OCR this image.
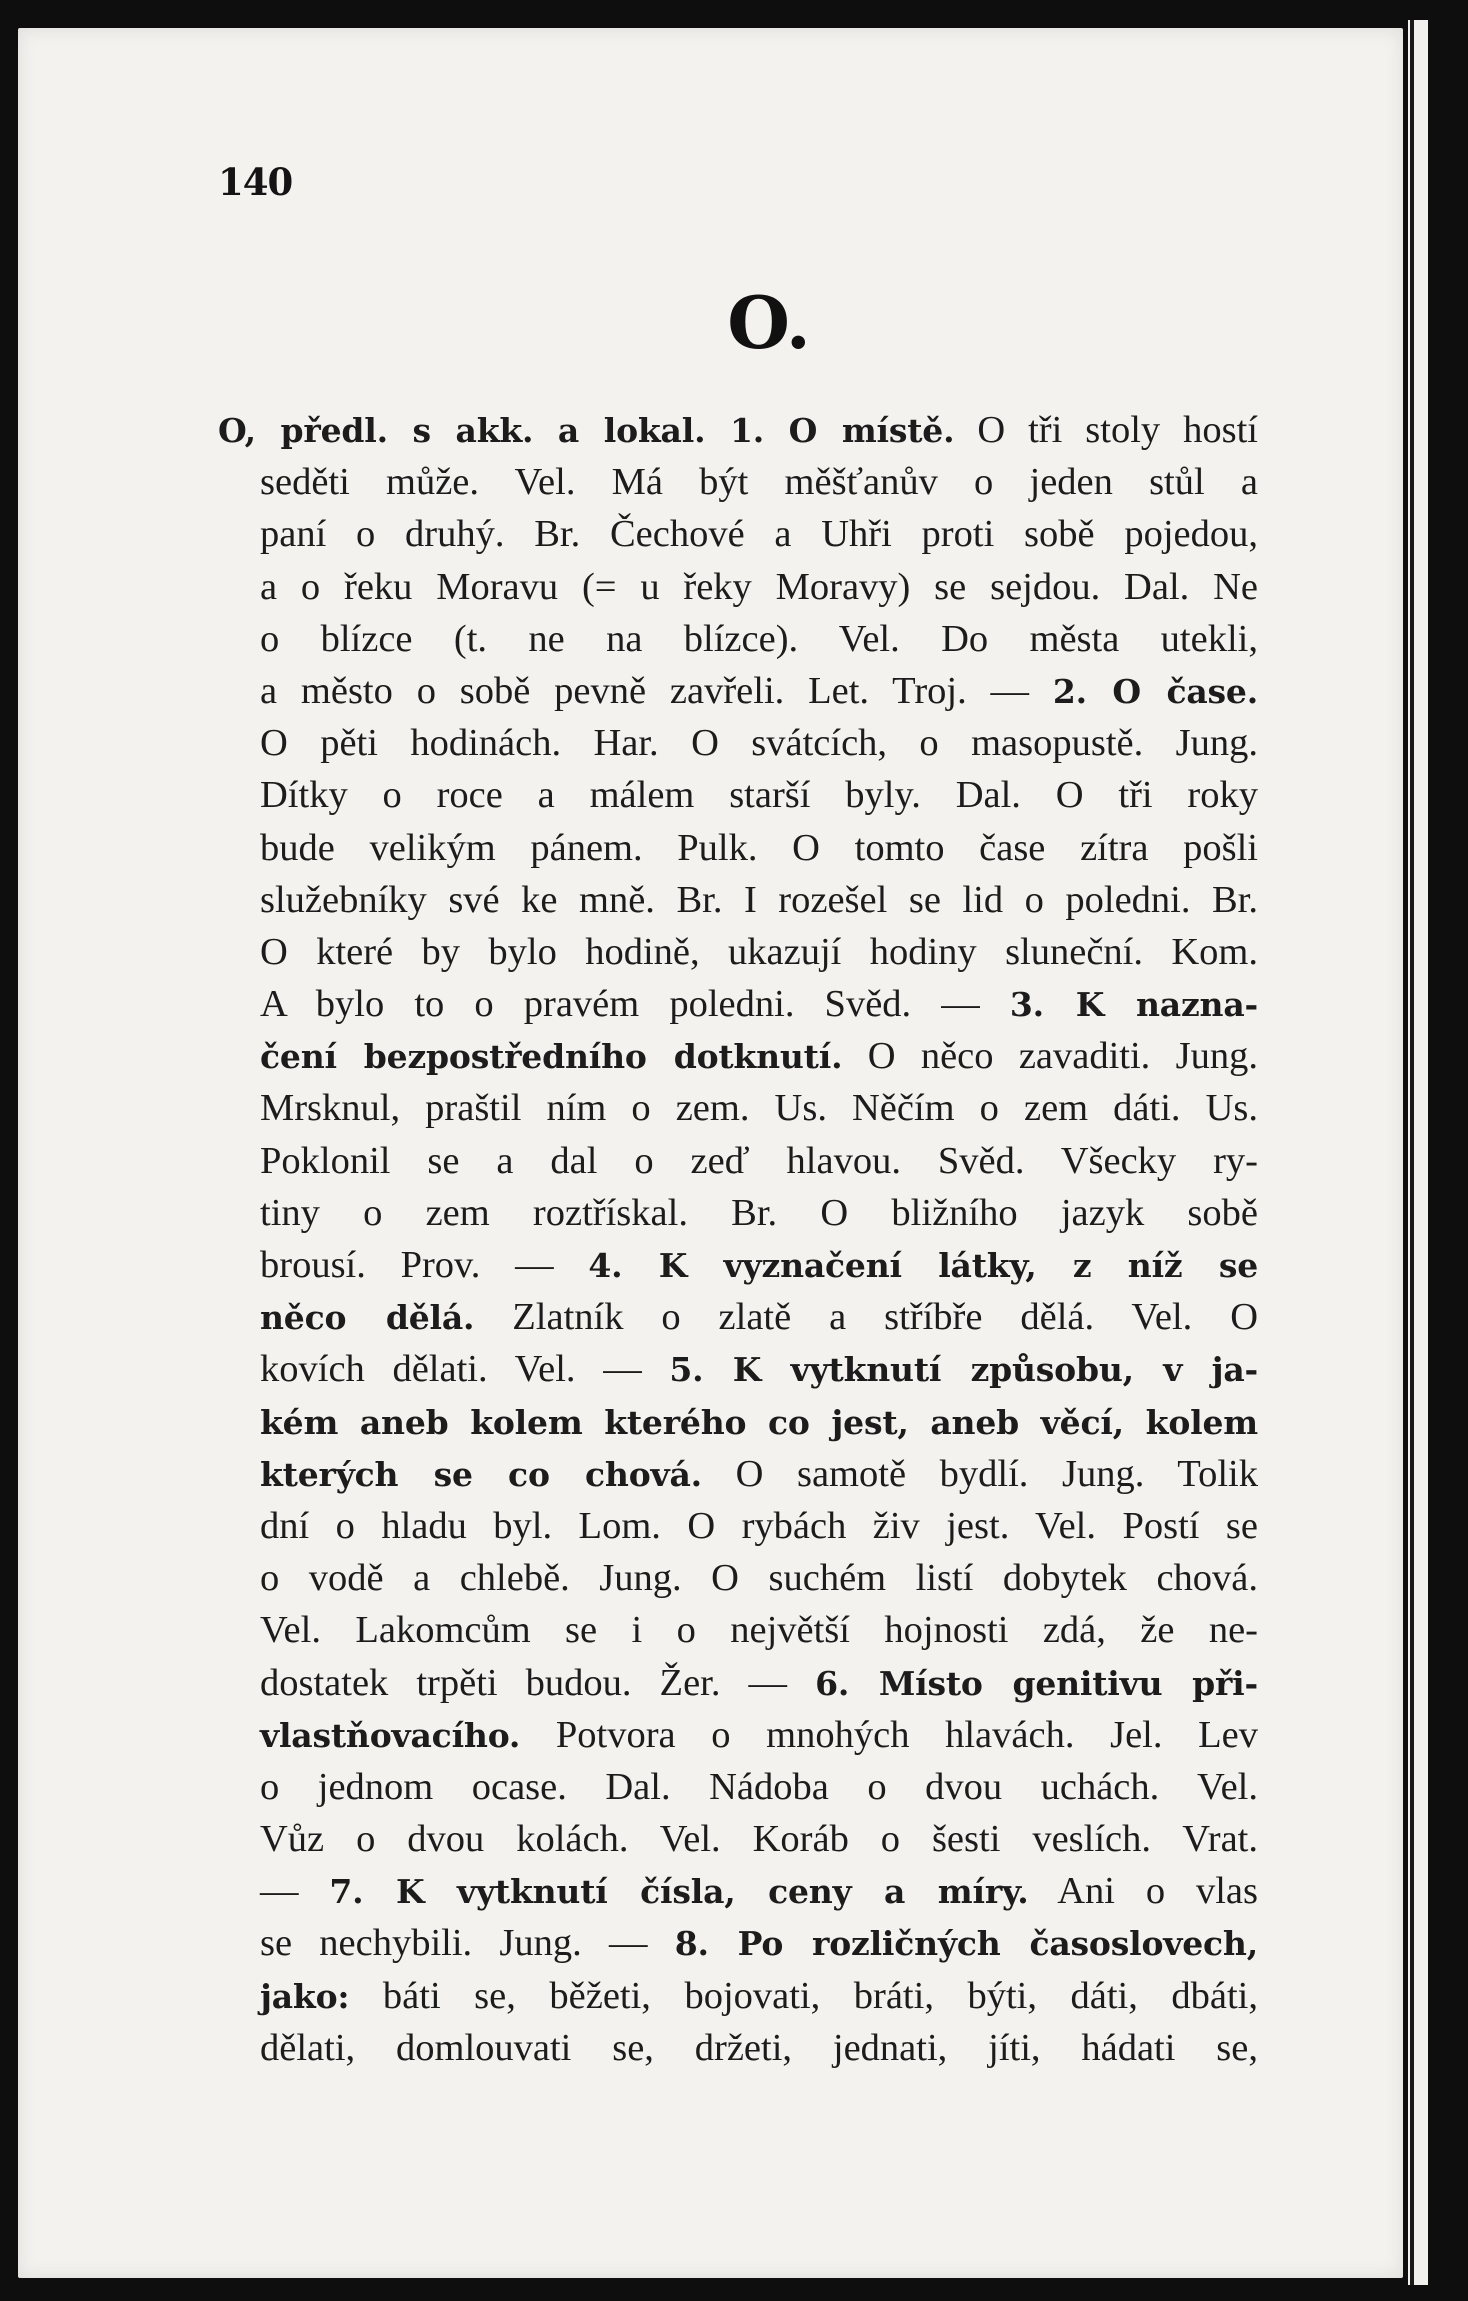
140
O.
O, předl. s akk. a lokal. 1. O místě. O tři stoly hostí
seděti může. Vel. Má být měšťanův o jeden stůl a
paní o druhý. Br. Čechové a Uhři proti sobě pojedou,
a o řeku Moravu (= u řeky Moravy) se sejdou. Dal. Ne
o blízce (t. ne na blízce). Vel. Do města utekli,
a město o sobě pevně zavřeli. Let. Troj. — 2. O čase.
O pěti hodinách. Har. O svátcích, o masopustě. Jung.
Dítky o roce a málem starší byly. Dal. O tři roky
bude velikým pánem. Pulk. O tomto čase zítra pošli
služebníky své ke mně. Br. I rozešel se lid o poledni. Br.
O které by bylo hodině, ukazují hodiny sluneční. Kom.
A bylo to o pravém poledni. Svěd. — 3. K nazna-
čení bezpostředního dotknutí. O něco zavaditi. Jung.
Mrsknul, praštil ním o zem. Us. Něčím o zem dáti. Us.
Poklonil se a dal o zeď hlavou. Svěd. Všecky ry-
tiny o zem roztřískal. Br. O bližního jazyk sobě
brousí. Prov. — 4. K vyznačení látky, z níž se
něco dělá. Zlatník o zlatě a stříbře dělá. Vel. O
kovích dělati. Vel. — 5. K vytknutí způsobu, v ja-
kém aneb kolem kterého co jest, aneb věcí, kolem
kterých se co chová. O samotě bydlí. Jung. Tolik
dní o hladu byl. Lom. O rybách živ jest. Vel. Postí se
o vodě a chlebě. Jung. O suchém listí dobytek chová.
Vel. Lakomcům se i o největší hojnosti zdá, že ne-
dostatek trpěti budou. Žer. — 6. Místo genitivu při-
vlastňovacího. Potvora o mnohých hlavách. Jel. Lev
o jednom ocase. Dal. Nádoba o dvou uchách. Vel.
Vůz o dvou kolách. Vel. Koráb o šesti veslích. Vrat.
— 7. K vytknutí čísla, ceny a míry. Ani o vlas
se nechybili. Jung. — 8. Po rozličných časoslovech,
jako: báti se, běžeti, bojovati, bráti, býti, dáti, dbáti,
dělati, domlouvati se, držeti, jednati, jíti, hádati se,
